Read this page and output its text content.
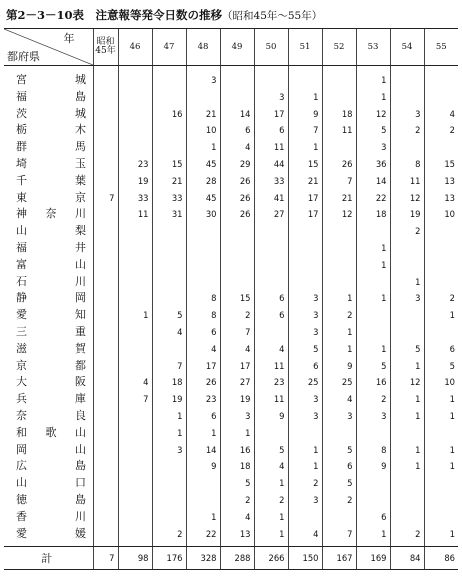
第2－3－10表　注意報等発令日数の推移（昭和45年～55年）
年
都府県	昭和
45年	46	47	48	49	50	51	52	53	54	55

宮 城				3					1		

福 島						3	1		1		

茨 城			16	21	14	17	9	18	12	3	4

栃 木				10	6	6	7	11	5	2	2

群 馬				1	4	11	1		3		

埼 玉		23	15	45	29	44	15	26	36	8	15

千 葉		19	21	28	26	33	21	7	14	11	13

東 京	7	33	33	45	26	41	17	21	22	12	13

神 奈 川		11	31	30	26	27	17	12	18	19	10

山 梨										2	

福 井									1		

富 山									1		

石 川										1	

静 岡				8	15	6	3	1	1	3	2

愛 知		1	5	8	2	6	3	2			1

三 重			4	6	7		3	1			

滋 賀				4	4	4	5	1	1	5	6

京 都			7	17	17	11	6	9	5	1	5

大 阪		4	18	26	27	23	25	25	16	12	10

兵 庫		7	19	23	19	11	3	4	2	1	1

奈 良			1	6	3	9	3	3	3	1	1

和 歌 山			1	1	1						

岡 山			3	14	16	5	1	5	8	1	1

広 島				9	18	4	1	6	9	1	1

山 口					5	1	2	5			

徳 島					2	2	3	2			

香 川				1	4	1			6		

愛 媛			2	22	13	1	4	7	1	2	1
計	7	98	176	328	288	266	150	167	169	84	86
